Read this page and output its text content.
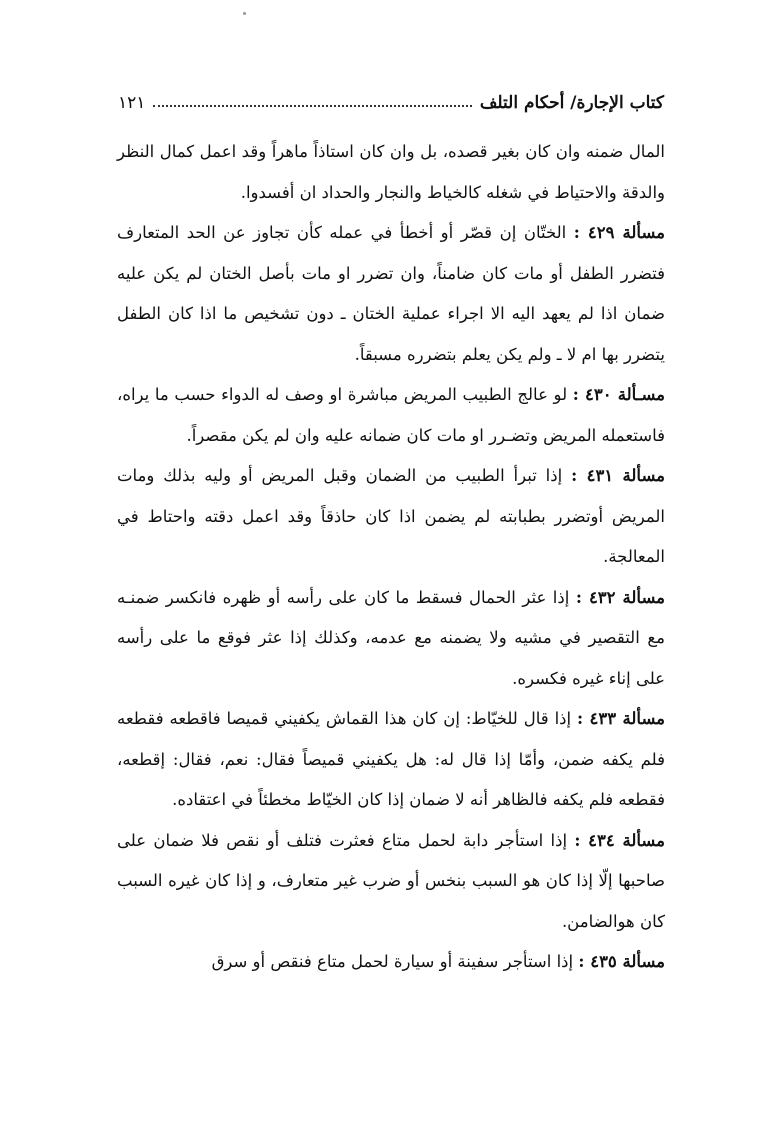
كتاب الإجارة/ أحكام التلف
١٢١

المال ضمنه وان كان بغير قصده، بل وان كان استاذاً ماهراً وقد اعمل كمال النظر والدقة والاحتياط في شغله كالخياط والنجار والحداد ان أفسدوا.

مسألة ٤٢٩ : الختّان إن قصّر أو أخطأ في عمله كأن تجاوز عن الحد المتعارف فتضرر الطفل أو مات كان ضامناً، وان تضرر او مات بأصل الختان لم يكن عليه ضمان اذا لم يعهد اليه الا اجراء عملية الختان ـ دون تشخيص ما اذا كان الطفل يتضرر بها ام لا ـ ولم يكن يعلم بتضرره مسبقاً.

مسـألة ٤٣٠ : لو عالج الطبيب المريض مباشرة او وصف له الدواء حسب ما يراه، فاستعمله المريض وتضـرر او مات كان ضمانه عليه وان لم يكن مقصراً.

مسألة ٤٣١ : إذا تبرأ الطبيب من الضمان وقبل المريض أو وليه بذلك ومات المريض أوتضرر بطبابته لم يضمن اذا كان حاذقاً وقد اعمل دقته واحتاط في المعالجة.

مسألة ٤٣٢ : إذا عثر الحمال فسقط ما كان على رأسه أو ظهره فانكسر ضمنـه مع التقصير في مشيه ولا يضمنه مع عدمه، وكذلك إذا عثر فوقع ما على رأسه على إناء غيره فكسره.

مسألة ٤٣٣ : إذا قال للخيّاط: إن كان هذا القماش يكفيني قميصا فاقطعه فقطعه فلم يكفه ضمن، وأمّا إذا قال له: هل يكفيني قميصاً فقال: نعم، فقال: إقطعه، فقطعه فلم يكفه فالظاهر أنه لا ضمان إذا كان الخيّاط مخطئاً في اعتقاده.

مسألة ٤٣٤ : إذا استأجر دابة لحمل متاع فعثرت فتلف أو نقص فلا ضمان على صاحبها إلّا إذا كان هو السبب بنخس أو ضرب غير متعارف، و إذا كان غيره السبب كان هوالضامن.

مسألة ٤٣٥ : إذا استأجر سفينة أو سيارة لحمل متاع فنقص أو سرق
